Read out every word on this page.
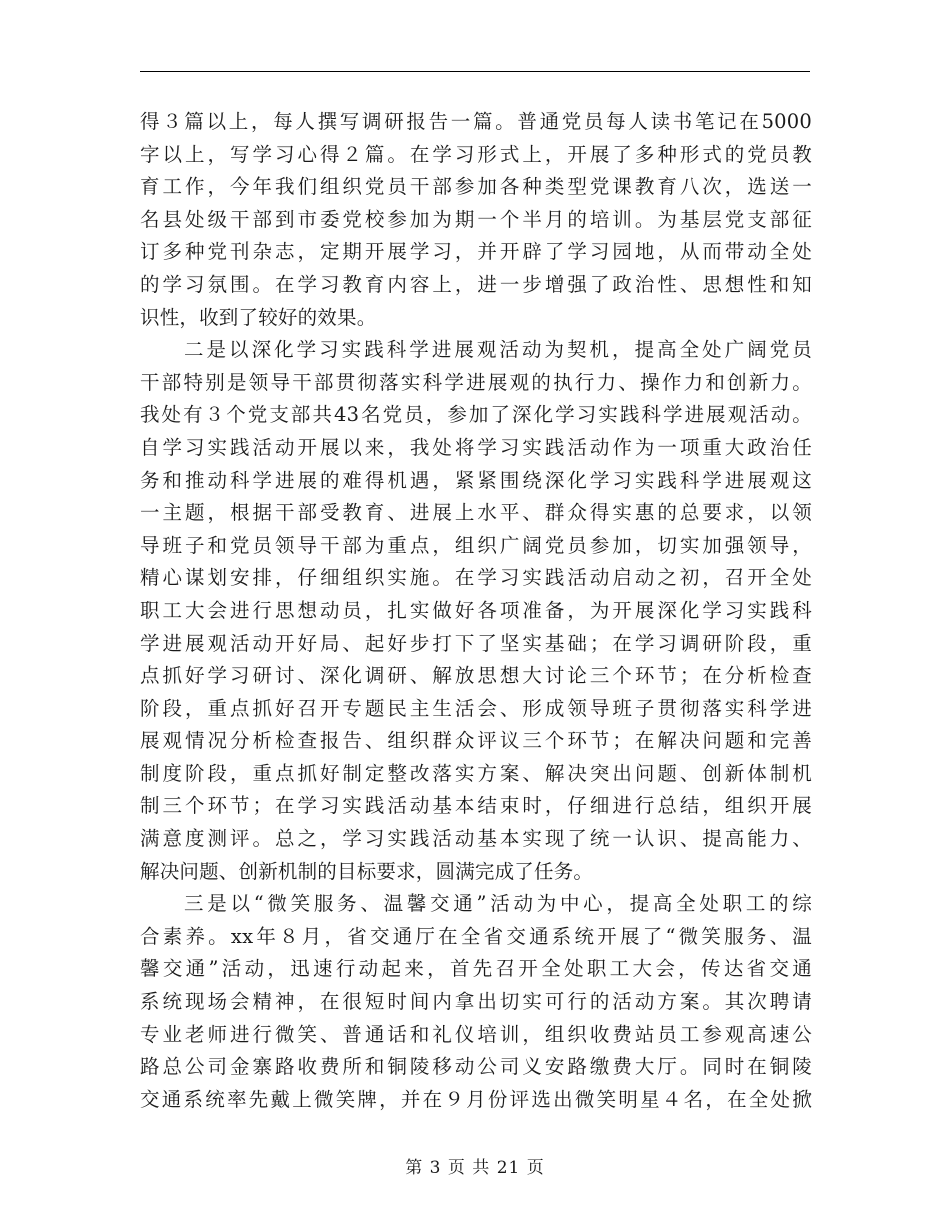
得３篇以上，每人撰写调研报告一篇。普通党员每人读书笔记在5000
字以上，写学习心得２篇。在学习形式上，开展了多种形式的党员教
育工作，今年我们组织党员干部参加各种类型党课教育八次，选送一
名县处级干部到市委党校参加为期一个半月的培训。为基层党支部征
订多种党刊杂志，定期开展学习，并开辟了学习园地，从而带动全处
的学习氛围。在学习教育内容上，进一步增强了政治性、思想性和知
识性，收到了较好的效果。
二是以深化学习实践科学进展观活动为契机，提高全处广阔党员
干部特别是领导干部贯彻落实科学进展观的执行力、操作力和创新力。
我处有３个党支部共43名党员，参加了深化学习实践科学进展观活动。
自学习实践活动开展以来，我处将学习实践活动作为一项重大政治任
务和推动科学进展的难得机遇，紧紧围绕深化学习实践科学进展观这
一主题，根据干部受教育、进展上水平、群众得实惠的总要求，以领
导班子和党员领导干部为重点，组织广阔党员参加，切实加强领导，
精心谋划安排，仔细组织实施。在学习实践活动启动之初，召开全处
职工大会进行思想动员，扎实做好各项准备，为开展深化学习实践科
学进展观活动开好局、起好步打下了坚实基础；在学习调研阶段，重
点抓好学习研讨、深化调研、解放思想大讨论三个环节；在分析检查
阶段，重点抓好召开专题民主生活会、形成领导班子贯彻落实科学进
展观情况分析检查报告、组织群众评议三个环节；在解决问题和完善
制度阶段，重点抓好制定整改落实方案、解决突出问题、创新体制机
制三个环节；在学习实践活动基本结束时，仔细进行总结，组织开展
满意度测评。总之，学习实践活动基本实现了统一认识、提高能力、
解决问题、创新机制的目标要求，圆满完成了任务。
三是以“微笑服务、温馨交通”活动为中心，提高全处职工的综
合素养。xx年８月，省交通厅在全省交通系统开展了“微笑服务、温
馨交通”活动，迅速行动起来，首先召开全处职工大会，传达省交通
系统现场会精神，在很短时间内拿出切实可行的活动方案。其次聘请
专业老师进行微笑、普通话和礼仪培训，组织收费站员工参观高速公
路总公司金寨路收费所和铜陵移动公司义安路缴费大厅。同时在铜陵
交通系统率先戴上微笑牌，并在９月份评选出微笑明星４名，在全处掀
第 3 页 共 21 页
